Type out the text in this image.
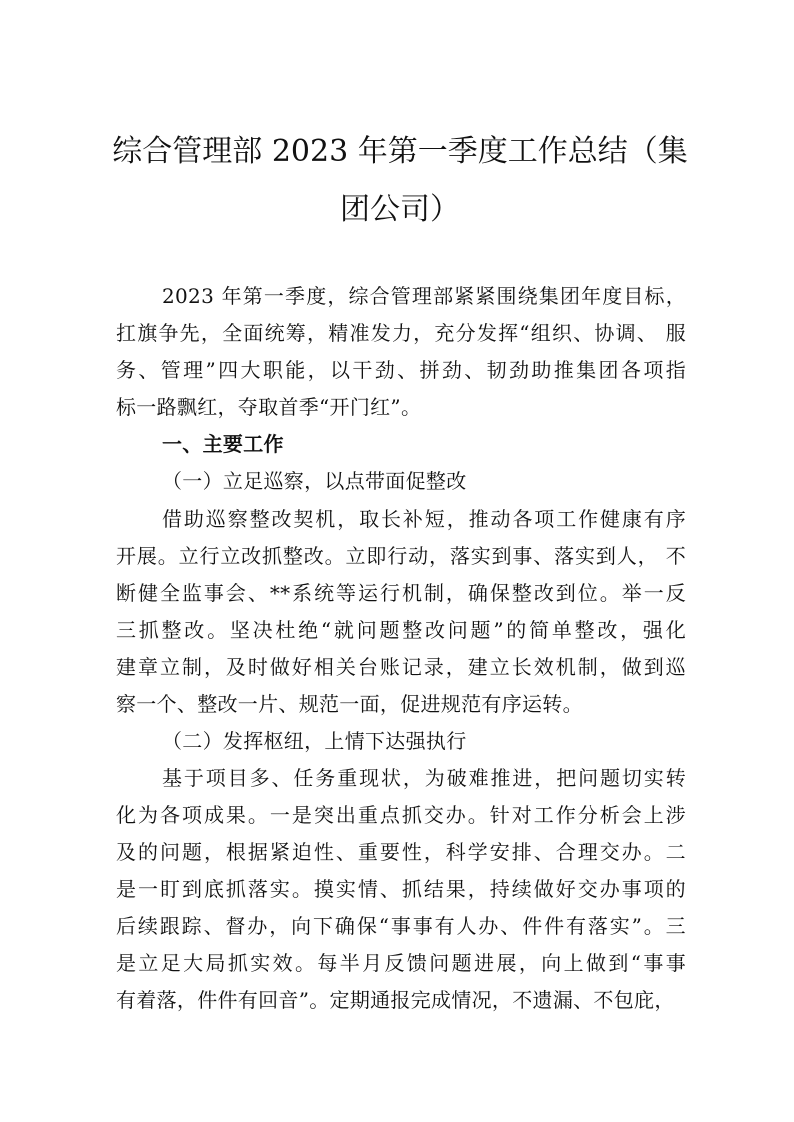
综合管理部 2023 年第一季度工作总结（集
团公司）

2023 年第一季度，综合管理部紧紧围绕集团年度目标，

扛旗争先，全面统筹，精准发力，充分发挥“组织、协调、 服

务、管理”四大职能，以干劲、拼劲、韧劲助推集团各项指

标一路飘红，夺取首季“开门红”。

一、主要工作

（一）立足巡察，以点带面促整改

借助巡察整改契机，取长补短，推动各项工作健康有序

开展。立行立改抓整改。立即行动，落实到事、落实到人， 不

断健全监事会、**系统等运行机制，确保整改到位。举一反

三抓整改。坚决杜绝“就问题整改问题”的简单整改，强化

建章立制，及时做好相关台账记录，建立长效机制，做到巡

察一个、整改一片、规范一面，促进规范有序运转。

（二）发挥枢纽，上情下达强执行

基于项目多、任务重现状，为破难推进，把问题切实转

化为各项成果。一是突出重点抓交办。针对工作分析会上涉

及的问题，根据紧迫性、重要性，科学安排、合理交办。二

是一盯到底抓落实。摸实情、抓结果，持续做好交办事项的

后续跟踪、督办，向下确保“事事有人办、件件有落实”。三

是立足大局抓实效。每半月反馈问题进展，向上做到“事事

有着落，件件有回音”。定期通报完成情况，不遗漏、不包庇，
